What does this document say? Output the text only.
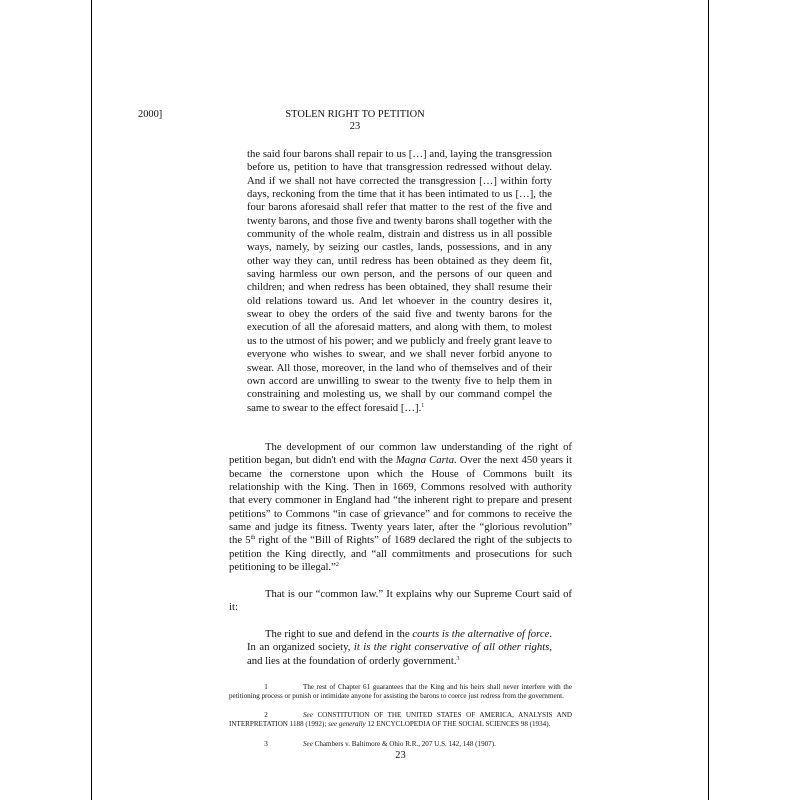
2000]	STOLEN RIGHT TO PETITION
23

the said four barons shall repair to us […] and, laying the transgression before us, petition to have that transgression redressed without delay. And if we shall not have corrected the transgression […] within forty days, reckoning from the time that it has been intimated to us […], the four barons aforesaid shall refer that matter to the rest of the five and twenty barons, and those five and twenty barons shall together with the community of the whole realm, distrain and distress us in all possible ways, namely, by seizing our castles, lands, possessions, and in any other way they can, until redress has been obtained as they deem fit, saving harmless our own person, and the persons of our queen and children; and when redress has been obtained, they shall resume their old relations toward us. And let whoever in the country desires it, swear to obey the orders of the said five and twenty barons for the execution of all the aforesaid matters, and along with them, to molest us to the utmost of his power; and we publicly and freely grant leave to everyone who wishes to swear, and we shall never forbid anyone to swear. All those, moreover, in the land who of themselves and of their own accord are unwilling to swear to the twenty five to help them in constraining and molesting us, we shall by our command compel the same to swear to the effect foresaid […].$^1$

The development of our common law understanding of the right of petition began, but didn't end with the Magna Carta. Over the next 450 years it became the cornerstone upon which the House of Commons built its relationship with the King. Then in 1669, Commons resolved with authority that every commoner in England had “the inherent right to prepare and present petitions” to Commons “in case of grievance” and for commons to receive the same and judge its fitness. Twenty years later, after the “glorious revolution” the 5th right of the “Bill of Rights” of 1689 declared the right of the subjects to petition the King directly, and “all commitments and prosecutions for such petitioning to be illegal.”$^2$

That is our “common law.” It explains why our Supreme Court said of it:

The right to sue and defend in the courts is the alternative of force. In an organized society, it is the right conservative of all other rights, and lies at the foundation of orderly government.$^3$

1	The rest of Chapter 61 guarantees that the King and his heirs shall never interfere with the petitioning process or punish or intimidate anyone for assisting the barons to coerce just redress from the government.

2	See CONSTITUTION OF THE UNITED STATES OF AMERICA, ANALYSIS AND INTERPRETATION 1188 (1992); see generally 12 ENCYCLOPEDIA OF THE SOCIAL SCIENCES 98 (1934).

3	See Chambers v. Baltimore & Ohio R.R., 207 U.S. 142, 148 (1907).

23
